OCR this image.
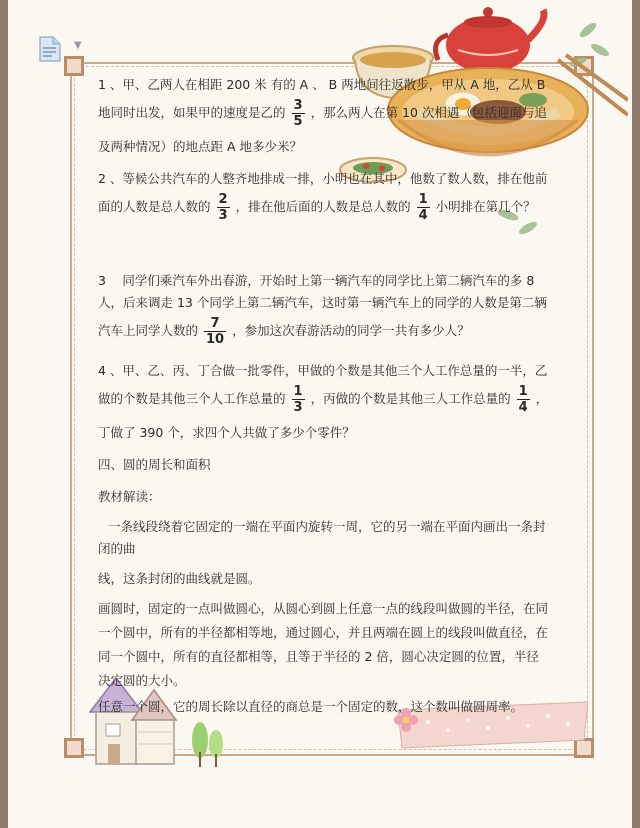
▼
1 、甲、乙两人在相距 200 米 有的 A 、 B 两地间往返散步，甲从 A 地，乙从 B
地同时出发，如果甲的速度是乙的 $\frac{3}{5}$ ，那么两人在第 10 次相遇（包括迎面与追
及两种情况）的地点距 A 地多少米？
2 、等候公共汽车的人整齐地排成一排，小明也在其中，他数了数人数，排在他前
面的人数是总人数的 $\frac{2}{3}$ ，排在他后面的人数是总人数的 $\frac{1}{4}$ 小明排在第几个？
3　 同学们乘汽车外出春游，开始时上第一辆汽车的同学比上第二辆汽车的多 8
人，后来调走 13 个同学上第二辆汽车，这时第一辆汽车上的同学的人数是第二辆
汽车上同学人数的 $\frac{7}{10}$ ，参加这次春游活动的同学一共有多少人？
4 、甲、乙、丙、丁合做一批零件，甲做的个数是其他三个人工作总量的一半，乙
做的个数是其他三个人工作总量的 $\frac{1}{3}$ ，丙做的个数是其他三人工作总量的 $\frac{1}{4}$ ，
丁做了 390 个，求四个人共做了多少个零件？
四、圆的周长和面积
教材解读：
一条线段绕着它固定的一端在平面内旋转一周，它的另一端在平面内画出一条封
闭的曲
线，这条封闭的曲线就是圆。
画圆时，固定的一点叫做圆心，从圆心到圆上任意一点的线段叫做圆的半径，在同
一个圆中，所有的半径都相等地，通过圆心，并且两端在圆上的线段叫做直径，在
同一个圆中，所有的直径都相等，且等于半径的 2 倍，圆心决定圆的位置，半径
决定圆的大小。
任意一个圆，它的周长除以直径的商总是一个固定的数，这个数叫做圆周率。
